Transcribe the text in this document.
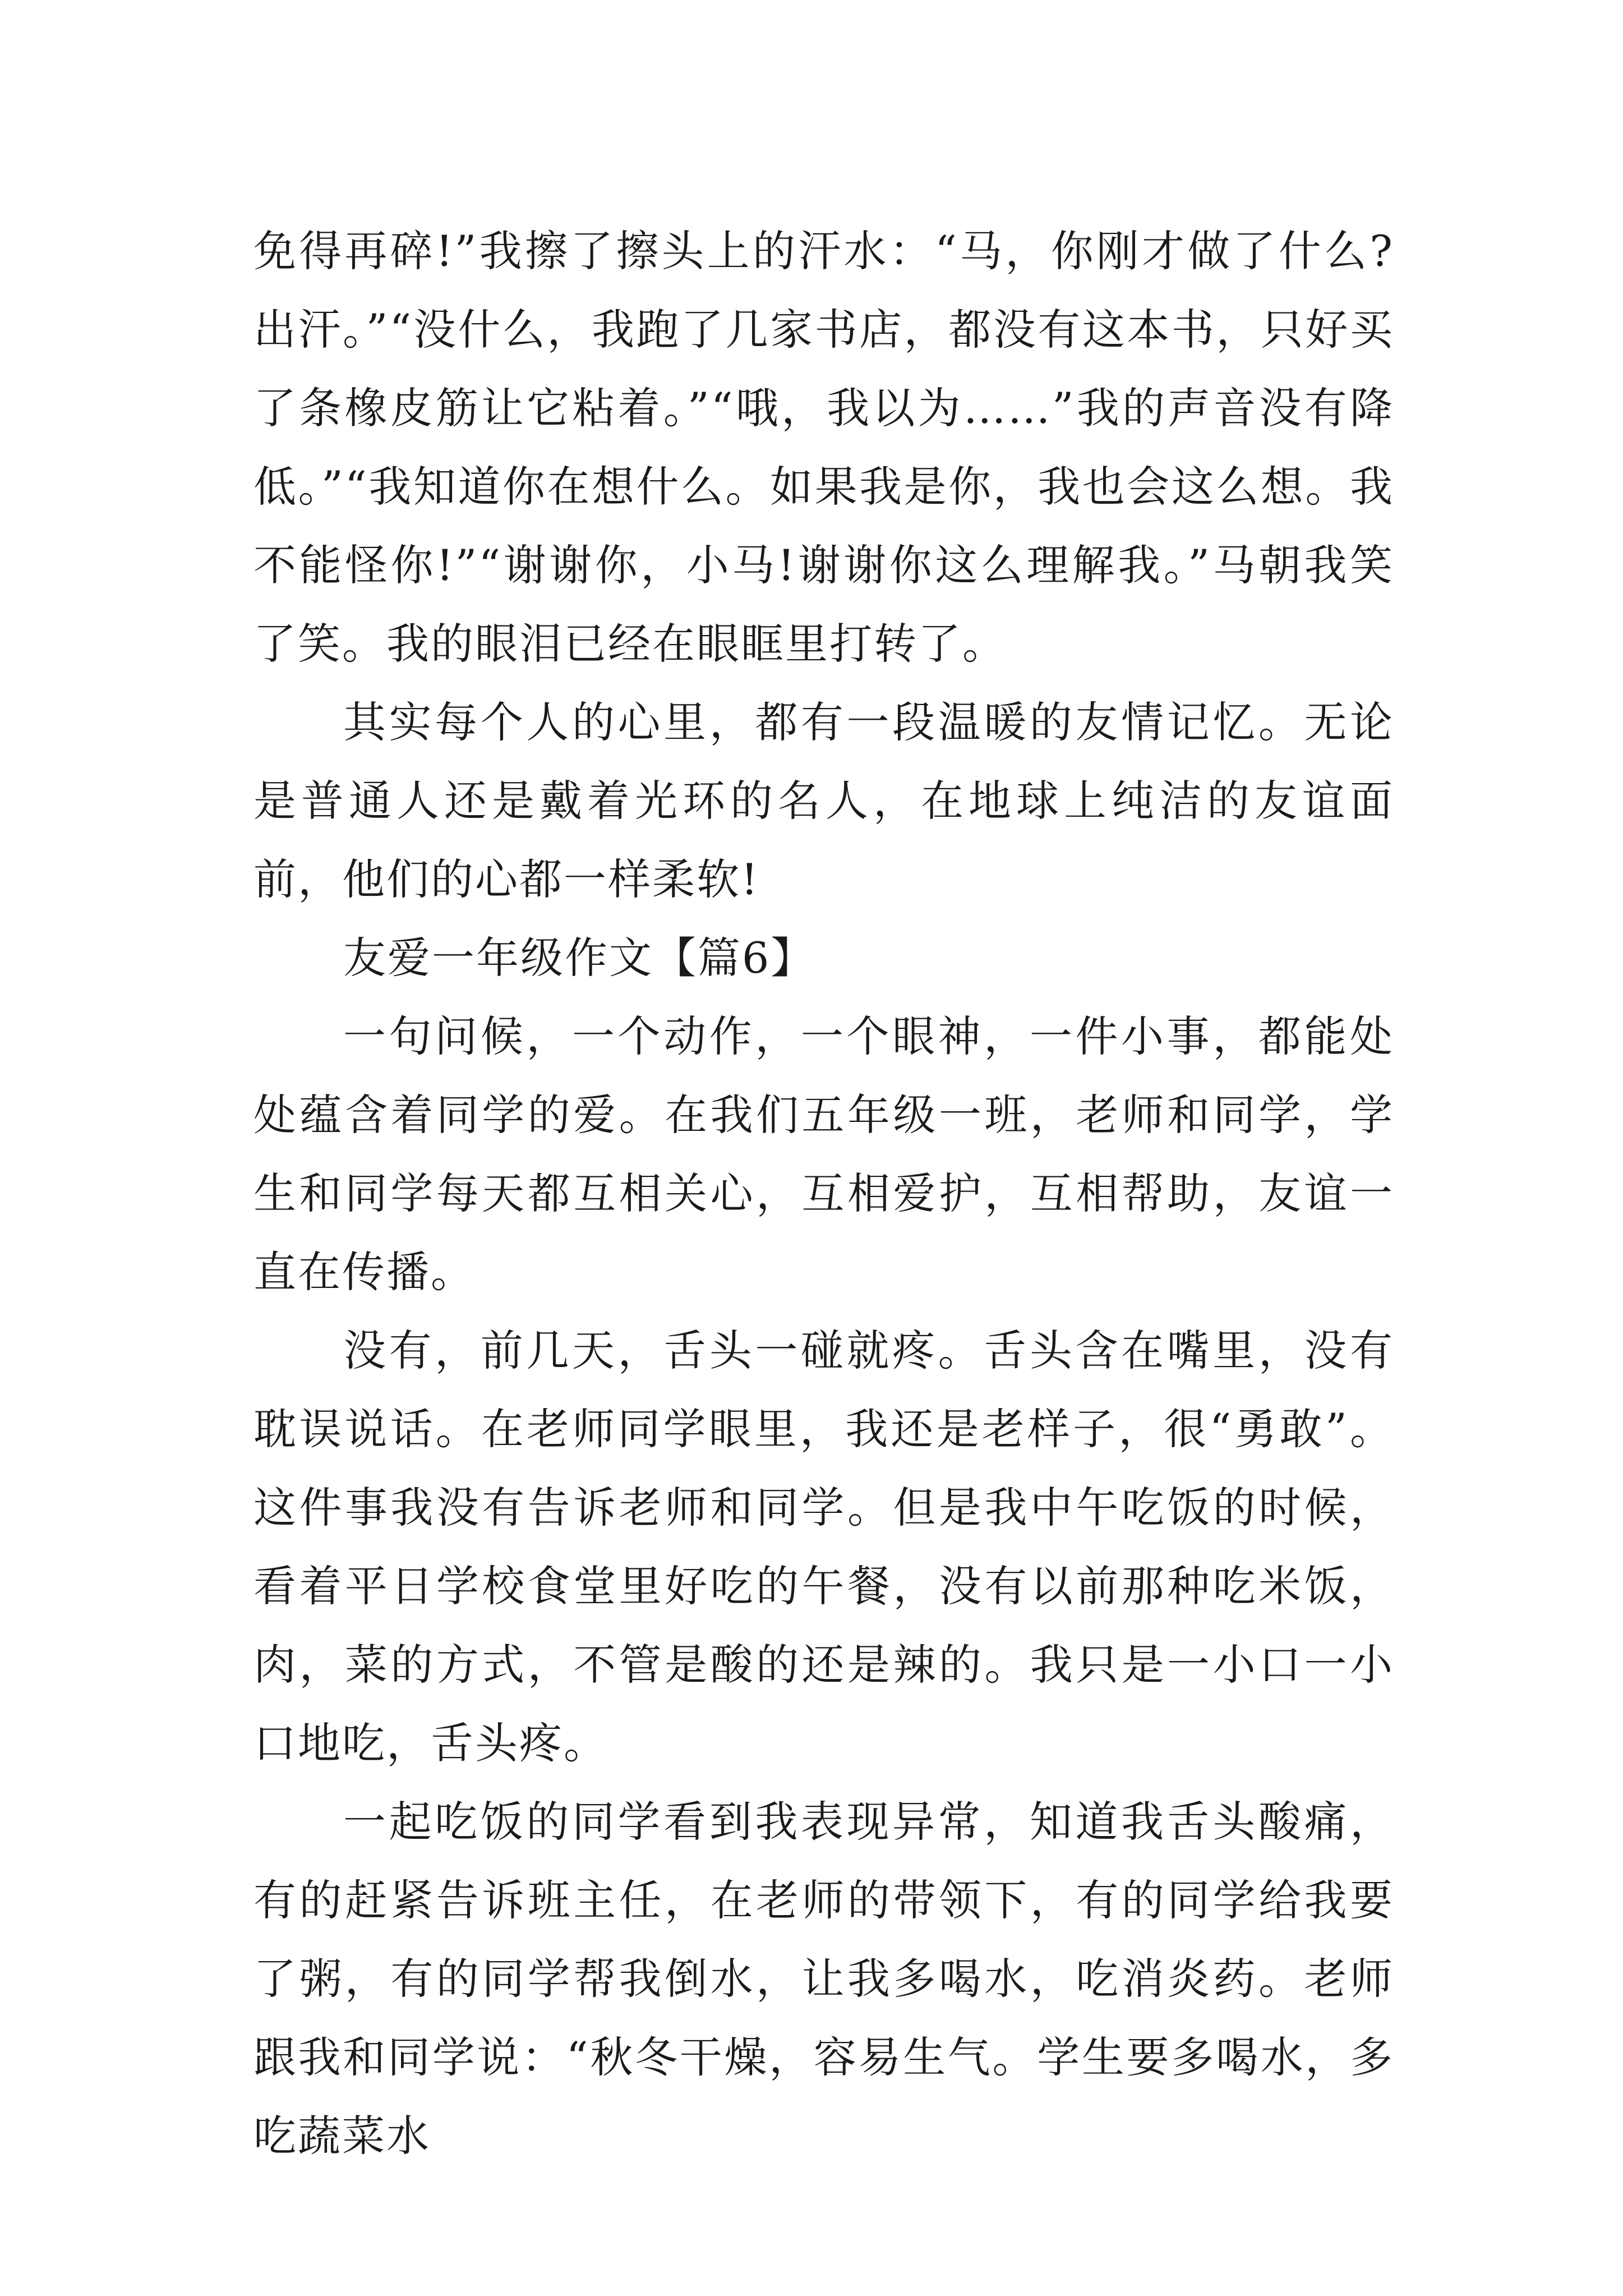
免得再碎!”我擦了擦头上的汗水：“马，你刚才做了什么?出汗。”“没什么，我跑了几家书店，都没有这本书，只好买了条橡皮筋让它粘着。”“哦，我以为……”我的声音没有降低。”“我知道你在想什么。如果我是你，我也会这么想。我不能怪你!”“谢谢你，小马!谢谢你这么理解我。”马朝我笑了笑。我的眼泪已经在眼眶里打转了。

其实每个人的心里，都有一段温暖的友情记忆。无论是普通人还是戴着光环的名人，在地球上纯洁的友谊面前，他们的心都一样柔软!

友爱一年级作文【篇6】

一句问候，一个动作，一个眼神，一件小事，都能处处蕴含着同学的爱。在我们五年级一班，老师和同学，学生和同学每天都互相关心，互相爱护，互相帮助，友谊一直在传播。

没有，前几天，舌头一碰就疼。舌头含在嘴里，没有耽误说话。在老师同学眼里，我还是老样子，很“勇敢”。这件事我没有告诉老师和同学。但是我中午吃饭的时候，看着平日学校食堂里好吃的午餐，没有以前那种吃米饭，肉，菜的方式，不管是酸的还是辣的。我只是一小口一小口地吃，舌头疼。

一起吃饭的同学看到我表现异常，知道我舌头酸痛，有的赶紧告诉班主任，在老师的带领下，有的同学给我要了粥，有的同学帮我倒水，让我多喝水，吃消炎药。老师跟我和同学说：“秋冬干燥，容易生气。学生要多喝水，多吃蔬菜水
